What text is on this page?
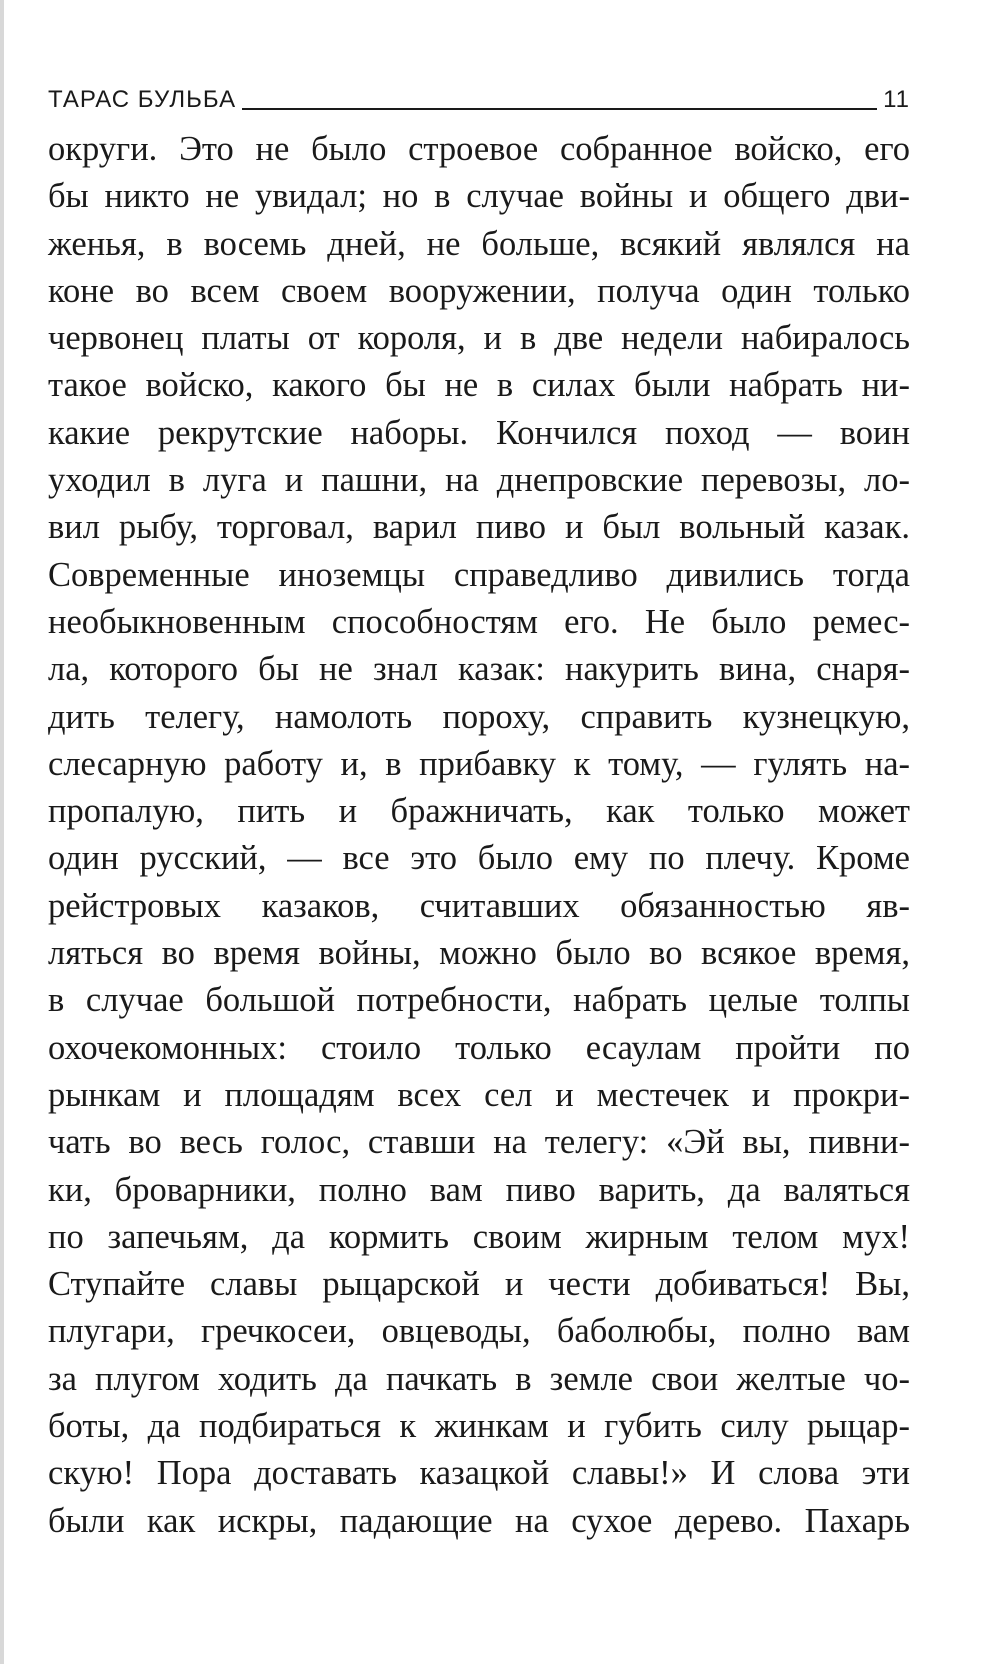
ТАРАС БУЛЬБА	11
округи. Это не было строевое собранное войско, его
бы никто не увидал; но в случае войны и общего дви-
женья, в восемь дней, не больше, всякий являлся на
коне во всем своем вооружении, получа один только
червонец платы от короля, и в две недели набиралось
такое войско, какого бы не в силах были набрать ни-
какие рекрутские наборы. Кончился поход — воин
уходил в луга и пашни, на днепровские перевозы, ло-
вил рыбу, торговал, варил пиво и был вольный казак.
Современные иноземцы справедливо дивились тогда
необыкновенным способностям его. Не было ремес-
ла, которого бы не знал казак: накурить вина, снаря-
дить телегу, намолоть пороху, справить кузнецкую,
слесарную работу и, в прибавку к тому, — гулять на-
пропалую, пить и бражничать, как только может
один русский, — все это было ему по плечу. Кроме
рейстровых казаков, считавших обязанностью яв-
ляться во время войны, можно было во всякое время,
в случае большой потребности, набрать целые толпы
охочекомонных: стоило только есаулам пройти по
рынкам и площадям всех сел и местечек и прокри-
чать во весь голос, ставши на телегу: «Эй вы, пивни-
ки, броварники, полно вам пиво варить, да валяться
по запечьям, да кормить своим жирным телом мух!
Ступайте славы рыцарской и чести добиваться! Вы,
плугари, гречкосеи, овцеводы, баболюбы, полно вам
за плугом ходить да пачкать в земле свои желтые чо-
боты, да подбираться к жинкам и губить силу рыцар-
скую! Пора доставать казацкой славы!» И слова эти
были как искры, падающие на сухое дерево. Пахарь
